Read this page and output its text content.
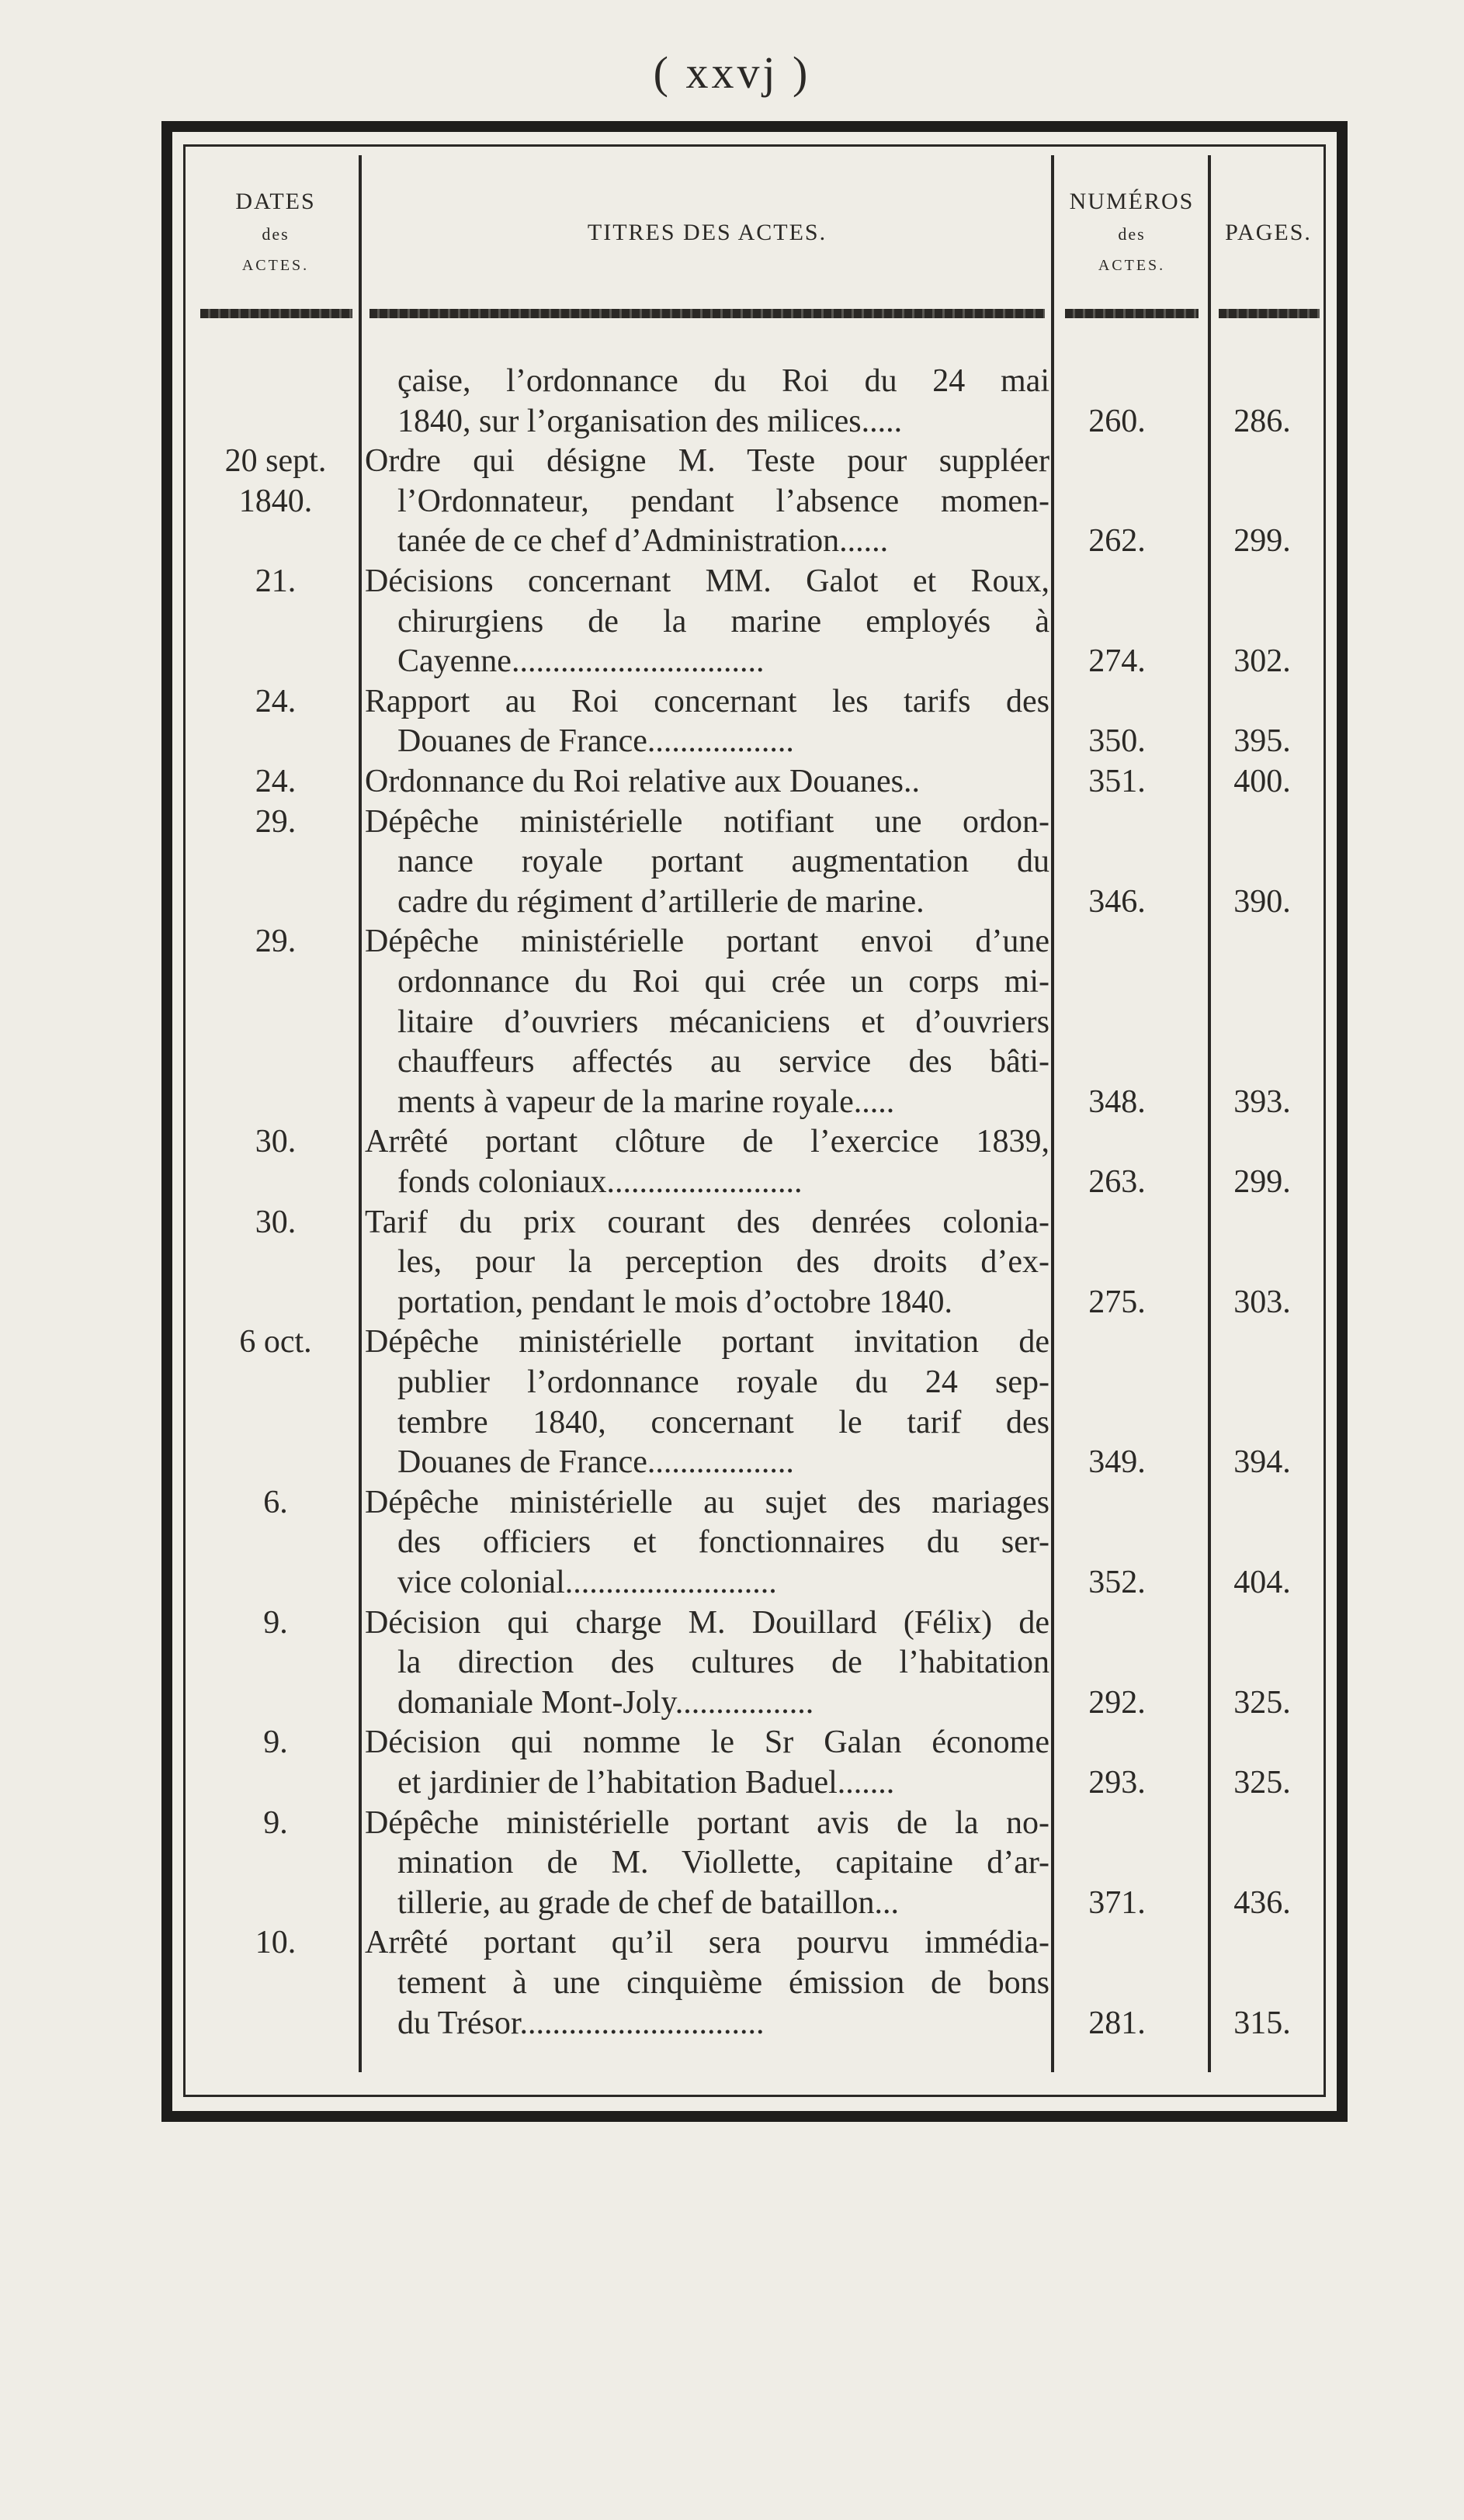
( xxvj )
DATES
des
ACTES.
TITRES DES ACTES.
NUMÉROS
des
ACTES.
PAGES.
çaise, l’ordonnance du Roi du 24 mai
1840, sur l’organisation des milices.....	260.	286.
20 sept.	Ordre qui désigne M. Teste pour suppléer
1840.	l’Ordonnateur, pendant l’absence momen-
tanée de ce chef d’Administration......	262.	299.
21.	Décisions concernant MM. Galot et Roux,
chirurgiens de la marine employés à
Cayenne...............................	274.	302.
24.	Rapport au Roi concernant les tarifs des
Douanes de France..................	350.	395.
24.	Ordonnance du Roi relative aux Douanes..	351.	400.
29.	Dépêche ministérielle notifiant une ordon-
nance royale portant augmentation du
cadre du régiment d’artillerie de marine.	346.	390.
29.	Dépêche ministérielle portant envoi d’une
ordonnance du Roi qui crée un corps mi-
litaire d’ouvriers mécaniciens et d’ouvriers
chauffeurs affectés au service des bâti-
ments à vapeur de la marine royale.....	348.	393.
30.	Arrêté portant clôture de l’exercice 1839,
fonds coloniaux........................	263.	299.
30.	Tarif du prix courant des denrées colonia-
les, pour la perception des droits d’ex-
portation, pendant le mois d’octobre 1840.	275.	303.
6 oct.	Dépêche ministérielle portant invitation de
publier l’ordonnance royale du 24 sep-
tembre 1840, concernant le tarif des
Douanes de France..................	349.	394.
6.	Dépêche ministérielle au sujet des mariages
des officiers et fonctionnaires du ser-
vice colonial..........................	352.	404.
9.	Décision qui charge M. Douillard (Félix) de
la direction des cultures de l’habitation
domaniale Mont-Joly.................	292.	325.
9.	Décision qui nomme le Sr Galan économe
et jardinier de l’habitation Baduel.......	293.	325.
9.	Dépêche ministérielle portant avis de la no-
mination de M. Viollette, capitaine d’ar-
tillerie, au grade de chef de bataillon...	371.	436.
10.	Arrêté portant qu’il sera pourvu immédia-
tement à une cinquième émission de bons
du Trésor..............................	281.	315.
